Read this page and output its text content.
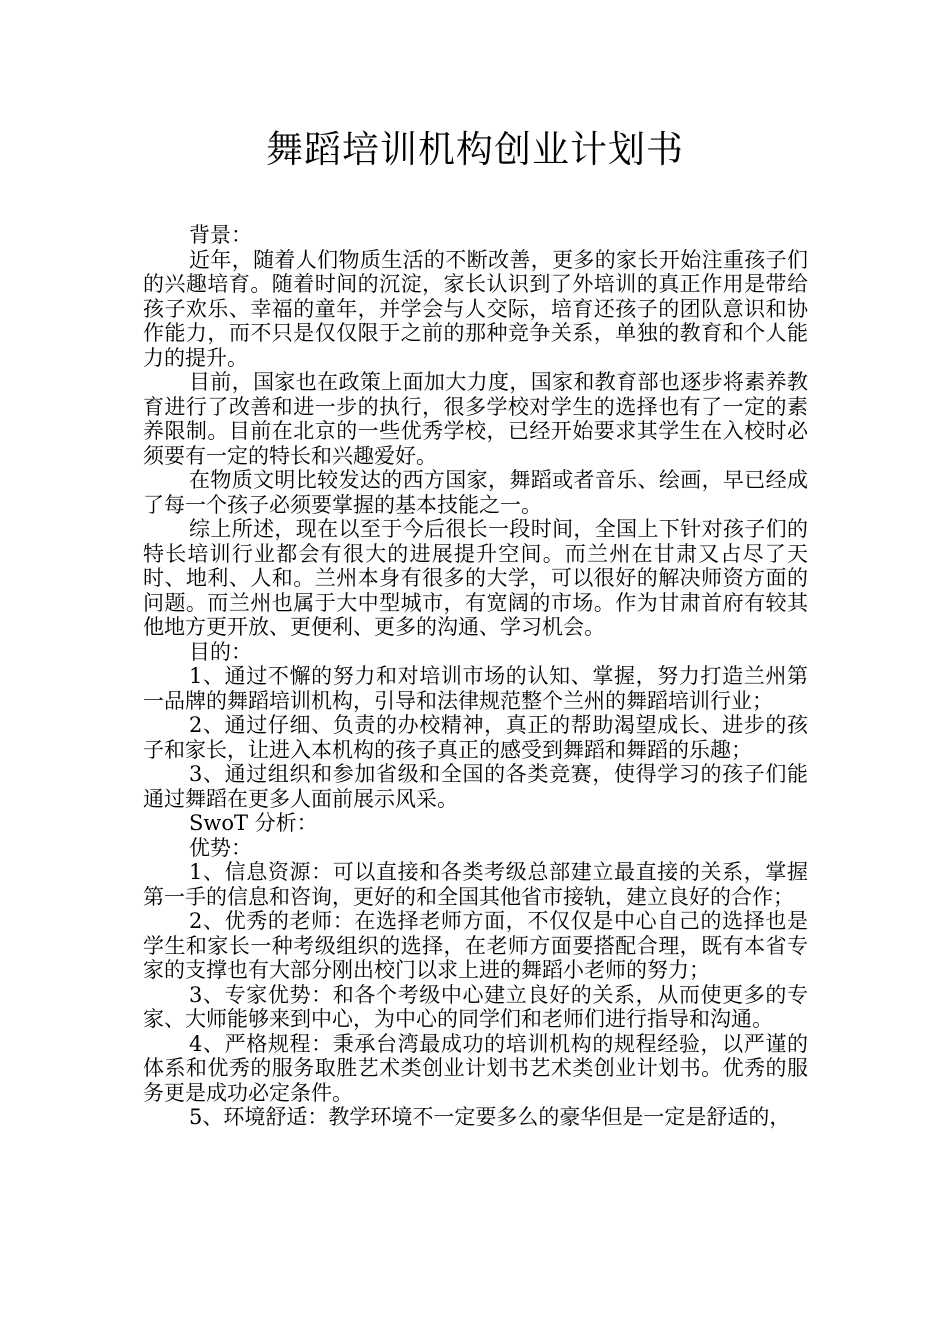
舞蹈培训机构创业计划书

背景：

近年，随着人们物质生活的不断改善，更多的家长开始注重孩子们的兴趣培育。随着时间的沉淀，家长认识到了外培训的真正作用是带给孩子欢乐、幸福的童年，并学会与人交际，培育还孩子的团队意识和协作能力，而不只是仅仅限于之前的那种竞争关系，单独的教育和个人能力的提升。

目前，国家也在政策上面加大力度，国家和教育部也逐步将素养教育进行了改善和进一步的执行，很多学校对学生的选择也有了一定的素养限制。目前在北京的一些优秀学校，已经开始要求其学生在入校时必须要有一定的特长和兴趣爱好。

在物质文明比较发达的西方国家，舞蹈或者音乐、绘画，早已经成了每一个孩子必须要掌握的基本技能之一。

综上所述，现在以至于今后很长一段时间，全国上下针对孩子们的特长培训行业都会有很大的进展提升空间。而兰州在甘肃又占尽了天时、地利、人和。兰州本身有很多的大学，可以很好的解决师资方面的问题。而兰州也属于大中型城市，有宽阔的市场。作为甘肃首府有较其他地方更开放、更便利、更多的沟通、学习机会。

目的：

1、通过不懈的努力和对培训市场的认知、掌握，努力打造兰州第一品牌的舞蹈培训机构，引导和法律规范整个兰州的舞蹈培训行业；

2、通过仔细、负责的办校精神，真正的帮助渴望成长、进步的孩子和家长，让进入本机构的孩子真正的感受到舞蹈和舞蹈的乐趣；

3、通过组织和参加省级和全国的各类竞赛，使得学习的孩子们能通过舞蹈在更多人面前展示风采。

SwoT 分析：

优势：

1、信息资源：可以直接和各类考级总部建立最直接的关系，掌握第一手的信息和咨询，更好的和全国其他省市接轨，建立良好的合作；

2、优秀的老师：在选择老师方面，不仅仅是中心自己的选择也是学生和家长一种考级组织的选择，在老师方面要搭配合理，既有本省专家的支撑也有大部分刚出校门以求上进的舞蹈小老师的努力；

3、专家优势：和各个考级中心建立良好的关系，从而使更多的专家、大师能够来到中心，为中心的同学们和老师们进行指导和沟通。

4、严格规程：秉承台湾最成功的培训机构的规程经验，以严谨的体系和优秀的服务取胜艺术类创业计划书艺术类创业计划书。优秀的服务更是成功必定条件。

5、环境舒适：教学环境不一定要多么的豪华但是一定是舒适的，
